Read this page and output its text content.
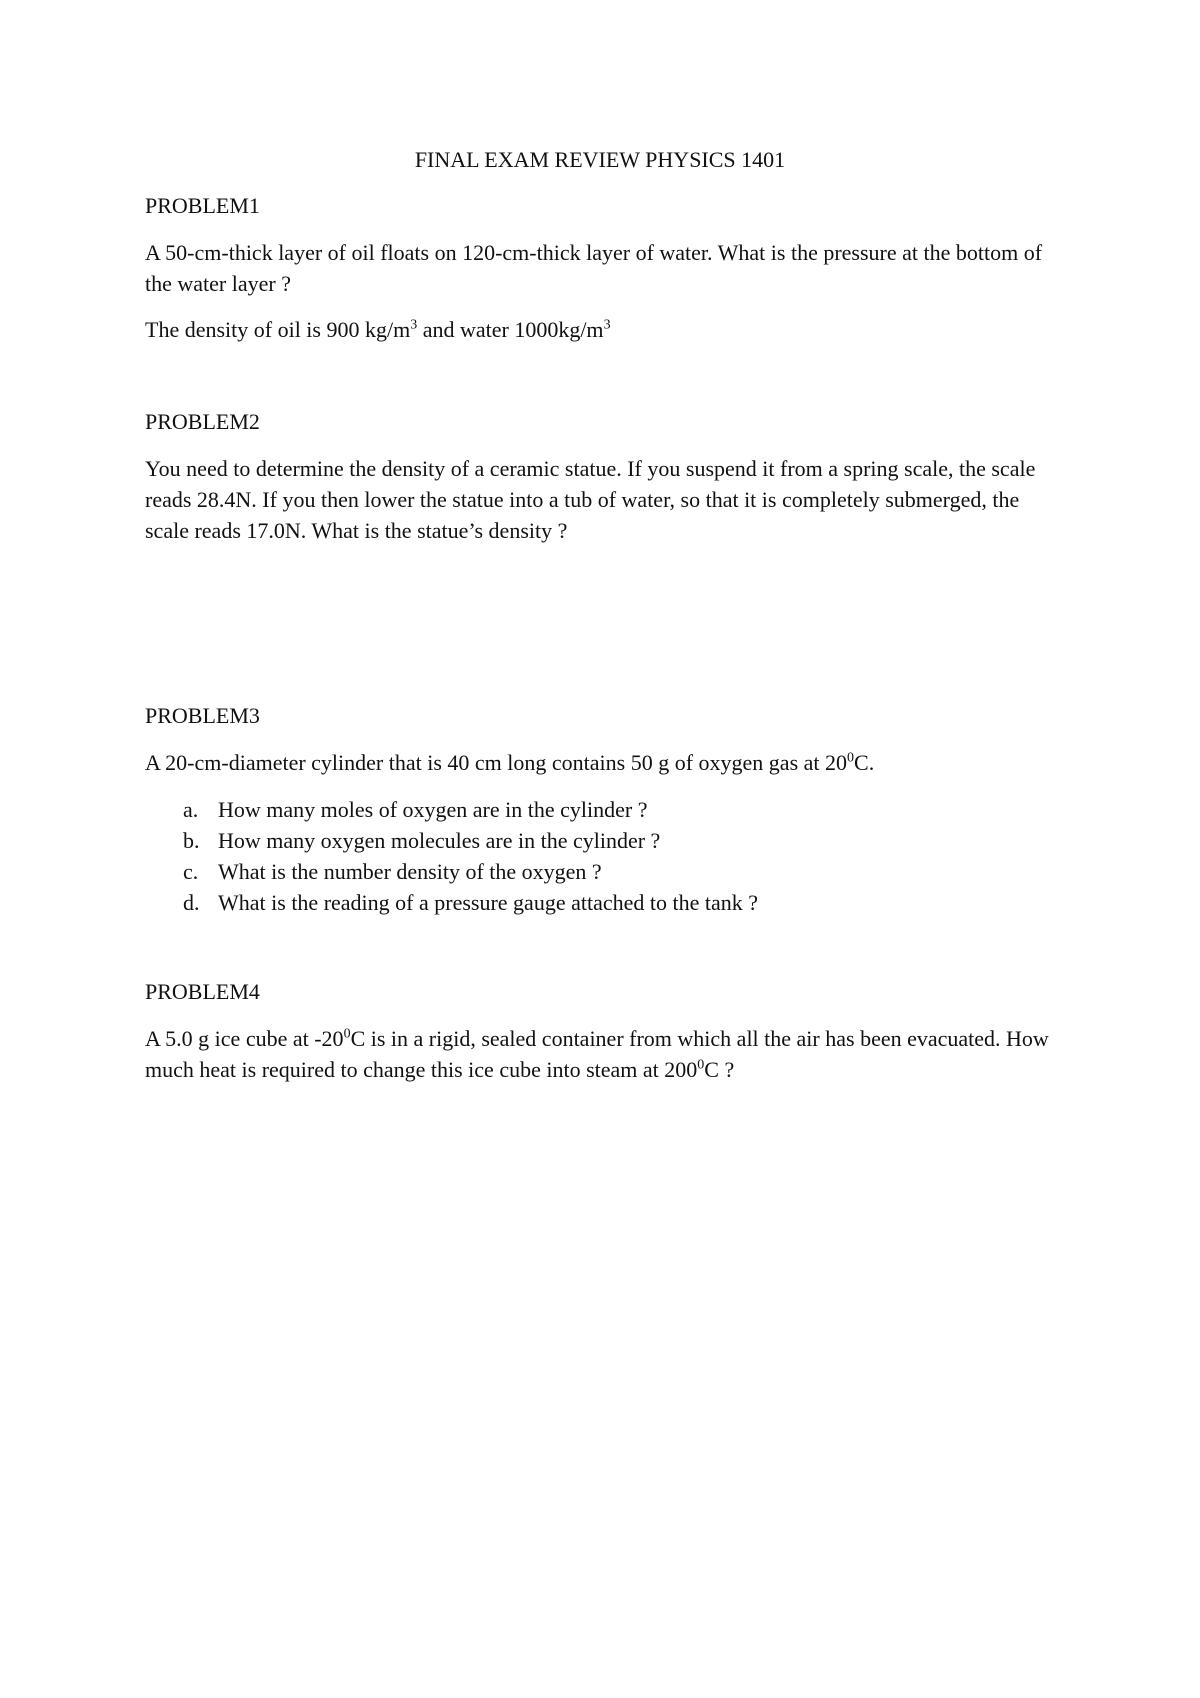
FINAL EXAM REVIEW PHYSICS 1401
PROBLEM1

A 50-cm-thick layer of oil floats on 120-cm-thick layer of water. What is the pressure at the bottom of the water layer ?

The density of oil is 900 $kg/m^3$ and water $1000kg/m^3$

PROBLEM2

You need to determine the density of a ceramic statue. If you suspend it from a spring scale, the scale reads 28.4N. If you then lower the statue into a tub of water, so that it is completely submerged, the scale reads 17.0N. What is the statue’s density ?

PROBLEM3

A 20-cm-diameter cylinder that is 40 cm long contains 50 g of oxygen gas at $20^0C$.

a. How many moles of oxygen are in the cylinder ?
b. How many oxygen molecules are in the cylinder ?
c. What is the number density of the oxygen ?
d. What is the reading of a pressure gauge attached to the tank ?
PROBLEM4

A 5.0 g ice cube at $-20^0C$ is in a rigid, sealed container from which all the air has been evacuated. How much heat is required to change this ice cube into steam at $200^0C$ ?
